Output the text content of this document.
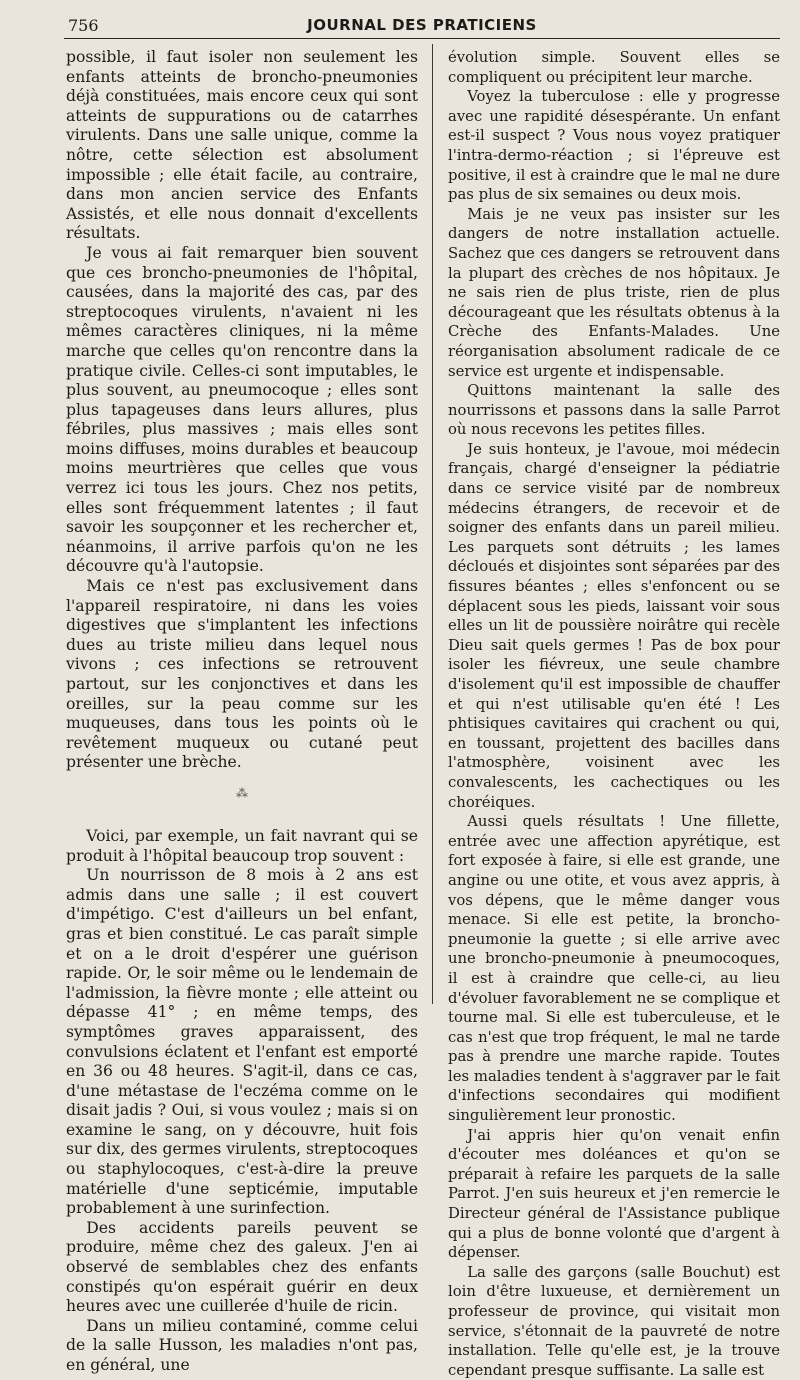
756	JOURNAL DES PRATICIENS

possible, il faut isoler non seulement les enfants atteints de broncho-pneumonies déjà constituées, mais encore ceux qui sont atteints de suppurations ou de catarrhes virulents. Dans une salle unique, comme la nôtre, cette sélection est absolument impossible ; elle était facile, au contraire, dans mon ancien service des Enfants Assistés, et elle nous donnait d'excellents résultats.

Je vous ai fait remarquer bien souvent que ces broncho-pneumonies de l'hôpital, causées, dans la majorité des cas, par des streptocoques virulents, n'avaient ni les mêmes caractères cliniques, ni la même marche que celles qu'on rencontre dans la pratique civile. Celles-ci sont imputables, le plus souvent, au pneumocoque ; elles sont plus tapageuses dans leurs allures, plus fébriles, plus massives ; mais elles sont moins diffuses, moins durables et beaucoup moins meurtrières que celles que vous verrez ici tous les jours. Chez nos petits, elles sont fréquemment latentes ; il faut savoir les soupçonner et les rechercher et, néanmoins, il arrive parfois qu'on ne les découvre qu'à l'autopsie.

Mais ce n'est pas exclusivement dans l'appareil respiratoire, ni dans les voies digestives que s'implantent les infections dues au triste milieu dans lequel nous vivons ; ces infections se retrouvent partout, sur les conjonctives et dans les oreilles, sur la peau comme sur les muqueuses, dans tous les points où le revêtement muqueux ou cutané peut présenter une brèche.

⁂

Voici, par exemple, un fait navrant qui se produit à l'hôpital beaucoup trop souvent :

Un nourrisson de 8 mois à 2 ans est admis dans une salle ; il est couvert d'impétigo. C'est d'ailleurs un bel enfant, gras et bien constitué. Le cas paraît simple et on a le droit d'espérer une guérison rapide. Or, le soir même ou le lendemain de l'admission, la fièvre monte ; elle atteint ou dépasse 41° ; en même temps, des symptômes graves apparaissent, des convulsions éclatent et l'enfant est emporté en 36 ou 48 heures. S'agit-il, dans ce cas, d'une métastase de l'eczéma comme on le disait jadis ? Oui, si vous voulez ; mais si on examine le sang, on y découvre, huit fois sur dix, des germes virulents, streptocoques ou staphylocoques, c'est-à-dire la preuve matérielle d'une septicémie, imputable probablement à une surinfection.

Des accidents pareils peuvent se produire, même chez des galeux. J'en ai observé de semblables chez des enfants constipés qu'on espérait guérir en deux heures avec une cuillerée d'huile de ricin.

Dans un milieu contaminé, comme celui de la salle Husson, les maladies n'ont pas, en général, une

évolution simple. Souvent elles se compliquent ou précipitent leur marche.

Voyez la tuberculose : elle y progresse avec une rapidité désespérante. Un enfant est-il suspect ? Vous nous voyez pratiquer l'intra-dermo-réaction ; si l'épreuve est positive, il est à craindre que le mal ne dure pas plus de six semaines ou deux mois.

Mais je ne veux pas insister sur les dangers de notre installation actuelle. Sachez que ces dangers se retrouvent dans la plupart des crèches de nos hôpitaux. Je ne sais rien de plus triste, rien de plus décourageant que les résultats obtenus à la Crèche des Enfants-Malades. Une réorganisation absolument radicale de ce service est urgente et indispensable.

Quittons maintenant la salle des nourrissons et passons dans la salle Parrot où nous recevons les petites filles.

Je suis honteux, je l'avoue, moi médecin français, chargé d'enseigner la pédiatrie dans ce service visité par de nombreux médecins étrangers, de recevoir et de soigner des enfants dans un pareil milieu. Les parquets sont détruits ; les lames décloués et disjointes sont séparées par des fissures béantes ; elles s'enfoncent ou se déplacent sous les pieds, laissant voir sous elles un lit de poussière noirâtre qui recèle Dieu sait quels germes ! Pas de box pour isoler les fiévreux, une seule chambre d'isolement qu'il est impossible de chauffer et qui n'est utilisable qu'en été ! Les phtisiques cavitaires qui crachent ou qui, en toussant, projettent des bacilles dans l'atmosphère, voisinent avec les convalescents, les cachectiques ou les choréiques.

Aussi quels résultats ! Une fillette, entrée avec une affection apyrétique, est fort exposée à faire, si elle est grande, une angine ou une otite, et vous avez appris, à vos dépens, que le même danger vous menace. Si elle est petite, la broncho-pneumonie la guette ; si elle arrive avec une broncho-pneumonie à pneumocoques, il est à craindre que celle-ci, au lieu d'évoluer favorablement ne se complique et tourne mal. Si elle est tuberculeuse, et le cas n'est que trop fréquent, le mal ne tarde pas à prendre une marche rapide. Toutes les maladies tendent à s'aggraver par le fait d'infections secondaires qui modifient singulièrement leur pronostic.

J'ai appris hier qu'on venait enfin d'écouter mes doléances et qu'on se préparait à refaire les parquets de la salle Parrot. J'en suis heureux et j'en remercie le Directeur général de l'Assistance publique qui a plus de bonne volonté que d'argent à dépenser.

La salle des garçons (salle Bouchut) est loin d'être luxueuse, et dernièrement un professeur de province, qui visitait mon service, s'étonnait de la pauvreté de notre installation. Telle qu'elle est, je la trouve cependant presque suffisante. La salle est
